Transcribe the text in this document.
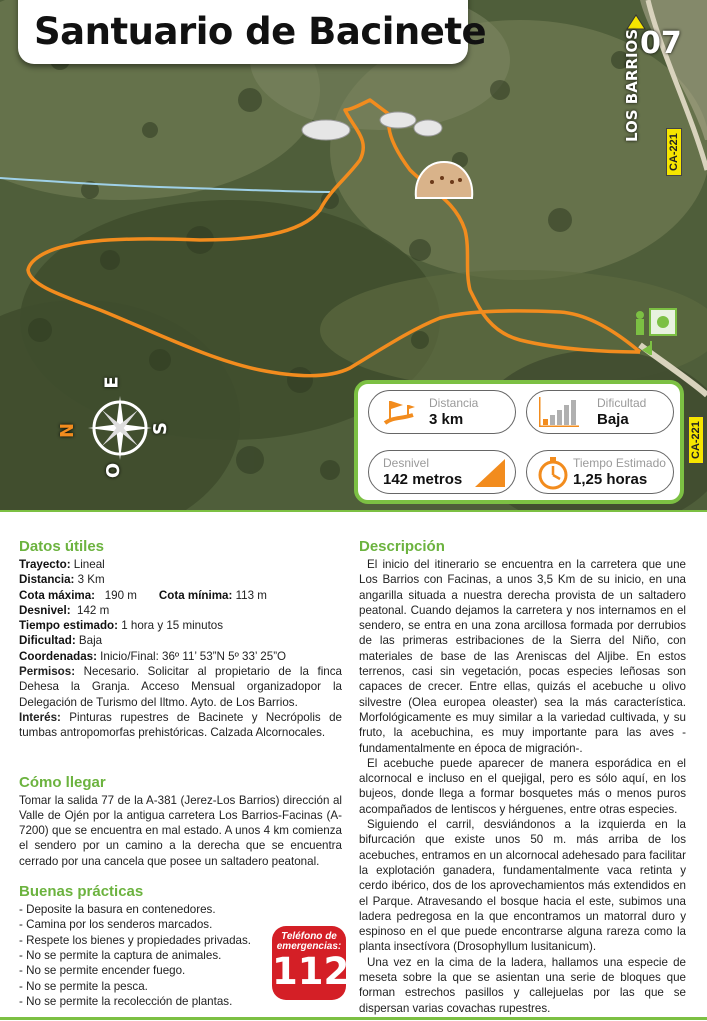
E
O
N	S
Santuario de Bacinete	07
LOS BARRIOS
CA-221
CA-221
Distancia
3 km
Dificultad
Baja
Desnivel
142 metros
Tiempo Estimado
1,25 horas
Datos útiles
Trayecto: Lineal
Distancia: 3 Km
Cota máxima:   190 m Cota mínima: 113 m
Desnivel:  142 m
Tiempo estimado: 1 hora y 15 minutos
Dificultad: Baja
Coordenadas: Inicio/Final: 36º 11’ 53”N 5º 33’ 25”O
Permisos: Necesario. Solicitar al propietario de la finca Dehesa la Granja. Acceso Mensual organizadopor la Delegación de Turismo del Iltmo. Ayto. de Los Barrios.
Interés: Pinturas rupestres de Bacinete y Necrópolis de tumbas antropomorfas prehistóricas. Calzada Alcornocales.
Cómo llegar
Tomar la salida 77 de la A-381 (Jerez-Los Barrios) dirección al Valle de Ojén por la antigua carretera Los Barrios-Facinas (A-7200) que se encuentra en mal estado. A unos 4 km comienza el sendero por un camino a la derecha que se encuentra cerrado por una cancela que posee un saltadero peatonal.
Buenas prácticas
- Deposite la basura en contenedores.
- Camina por los senderos marcados.
- Respete los bienes y propiedades privadas.
- No se permite la captura de animales.
- No se permite encender fuego.
- No se permite la pesca.
- No se permite la recolección de plantas.
Teléfono de emergencias:
112
Descripción

El inicio del itinerario se encuentra en la carretera que une Los Barrios con Facinas, a unos 3,5 Km de su inicio, en una angarilla situada a nuestra derecha provista de un saltadero peatonal. Cuando dejamos la carretera y nos internamos en el sendero, se entra en una zona arcillosa formada por derrubios de las primeras estribaciones de la Sierra del Niño, con materiales de base de las Areniscas del Aljibe. En estos terrenos, casi sin vegetación, pocas especies leñosas son capaces de crecer. Entre ellas, quizás el acebuche u olivo silvestre (Olea europea oleaster) sea la más característica. Morfológicamente es muy similar a la variedad cultivada, y su fruto, la acebuchina, es muy importante para las aves -fundamentalmente en época de migración-.

El acebuche puede aparecer de manera esporádica en el alcornocal e incluso en el quejigal, pero es sólo aquí, en los bujeos, donde llega a formar bosquetes más o menos puros acompañados de lentiscos y hérguenes, entre otras especies.

Siguiendo el carril, desviándonos a la izquierda en la bifurcación que existe unos 50 m. más arriba de los acebuches, entramos en un alcornocal adehesado para facilitar la explotación ganadera, fundamentalmente vaca retinta y cerdo ibérico, dos de los aprovechamientos más extendidos en el Parque. Atravesando el bosque hacia el este, subimos una ladera pedregosa en la que encontramos un matorral duro y espinoso en el que puede encontrarse alguna rareza como la planta insectívora (Drosophyllum lusitanicum).

Una vez en la cima de la ladera, hallamos una especie de meseta sobre la que se asientan una serie de bloques que forman estrechos pasillos y callejuelas por las que se dispersan varias covachas rupestres.
